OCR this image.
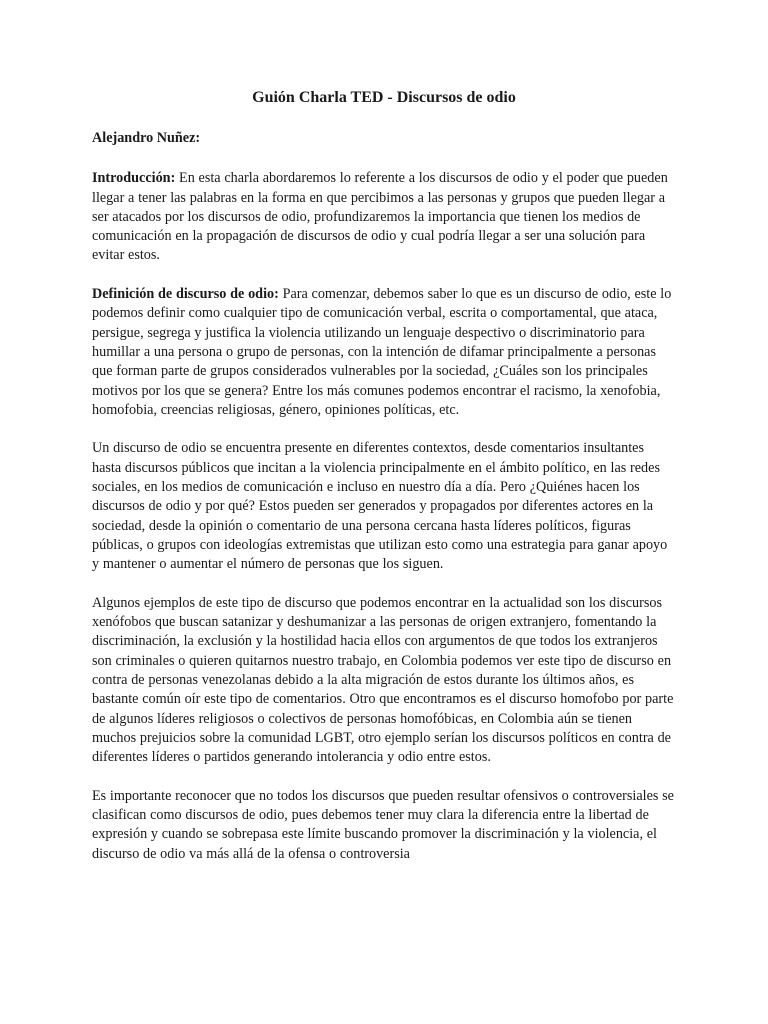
Guión Charla TED - Discursos de odio
Alejandro Nuñez:

Introducción: En esta charla abordaremos lo referente a los discursos de odio y el poder que pueden llegar a tener las palabras en la forma en que percibimos a las personas y grupos que pueden llegar a ser atacados por los discursos de odio, profundizaremos la importancia que tienen los medios de comunicación en la propagación de discursos de odio y cual podría llegar a ser una solución para evitar estos.

Definición de discurso de odio: Para comenzar, debemos saber lo que es un discurso de odio, este lo podemos definir como cualquier tipo de comunicación verbal, escrita o comportamental, que ataca, persigue, segrega y justifica la violencia utilizando un lenguaje despectivo o discriminatorio para humillar a una persona o grupo de personas, con la intención de difamar principalmente a personas que forman parte de grupos considerados vulnerables por la sociedad, ¿Cuáles son los principales motivos por los que se genera? Entre los más comunes podemos encontrar el racismo, la xenofobia, homofobia, creencias religiosas, género, opiniones políticas, etc.

Un discurso de odio se encuentra presente en diferentes contextos, desde comentarios insultantes hasta discursos públicos que incitan a la violencia principalmente en el ámbito político, en las redes sociales, en los medios de comunicación e incluso en nuestro día a día. Pero ¿Quiénes hacen los discursos de odio y por qué? Estos pueden ser generados y propagados por diferentes actores en la sociedad, desde la opinión o comentario de una persona cercana hasta líderes políticos, figuras públicas, o grupos con ideologías extremistas que utilizan esto como una estrategia para ganar apoyo y mantener o aumentar el número de personas que los siguen.

Algunos ejemplos de este tipo de discurso que podemos encontrar en la actualidad son los discursos xenófobos que buscan satanizar y deshumanizar a las personas de origen extranjero, fomentando la discriminación, la exclusión y la hostilidad hacia ellos con argumentos de que todos los extranjeros son criminales o quieren quitarnos nuestro trabajo, en Colombia podemos ver este tipo de discurso en contra de personas venezolanas debido a la alta migración de estos durante los últimos años, es bastante común oír este tipo de comentarios. Otro que encontramos es el discurso homofobo por parte de algunos líderes religiosos o colectivos de personas homofóbicas, en Colombia aún se tienen muchos prejuicios sobre la comunidad LGBT, otro ejemplo serían los discursos políticos en contra de diferentes líderes o partidos generando intolerancia y odio entre estos.

Es importante reconocer que no todos los discursos que pueden resultar ofensivos o controversiales se clasifican como discursos de odio, pues debemos tener muy clara la diferencia entre la libertad de expresión y cuando se sobrepasa este límite buscando promover la discriminación y la violencia, el discurso de odio va más allá de la ofensa o controversia
